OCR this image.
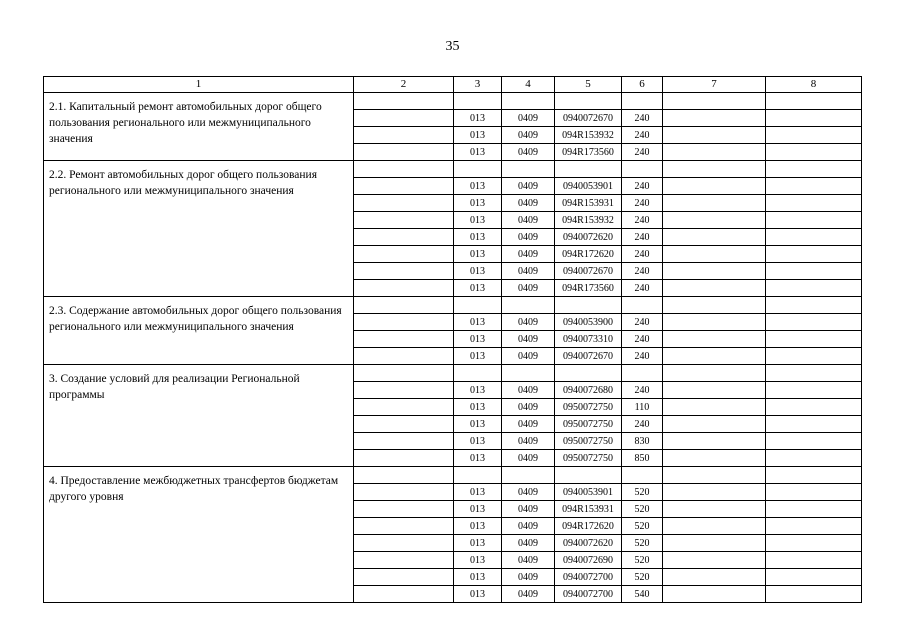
35
1	2	3	4	5	6	7	8
2.1. Капитальный ремонт автомобильных дорог общего пользования регионального или межмуниципального значения							
		013	0409	0940072670	240		
		013	0409	094R153932	240		
		013	0409	094R173560	240		
2.2. Ремонт автомобильных дорог общего пользования регионального или межмуниципального значения							
		013	0409	0940053901	240		
		013	0409	094R153931	240		
		013	0409	094R153932	240		
		013	0409	0940072620	240		
		013	0409	094R172620	240		
		013	0409	0940072670	240		
		013	0409	094R173560	240		
2.3. Содержание автомобильных дорог общего пользования регионального или межмуниципального значения							
		013	0409	0940053900	240		
		013	0409	0940073310	240		
		013	0409	0940072670	240		
3. Создание условий для реализации Региональной программы							
		013	0409	0940072680	240		
		013	0409	0950072750	110		
		013	0409	0950072750	240		
		013	0409	0950072750	830		
		013	0409	0950072750	850		
4. Предоставление межбюджетных трансфертов бюджетам другого уровня							
		013	0409	0940053901	520		
		013	0409	094R153931	520		
		013	0409	094R172620	520		
		013	0409	0940072620	520		
		013	0409	0940072690	520		
		013	0409	0940072700	520		
		013	0409	0940072700	540		
